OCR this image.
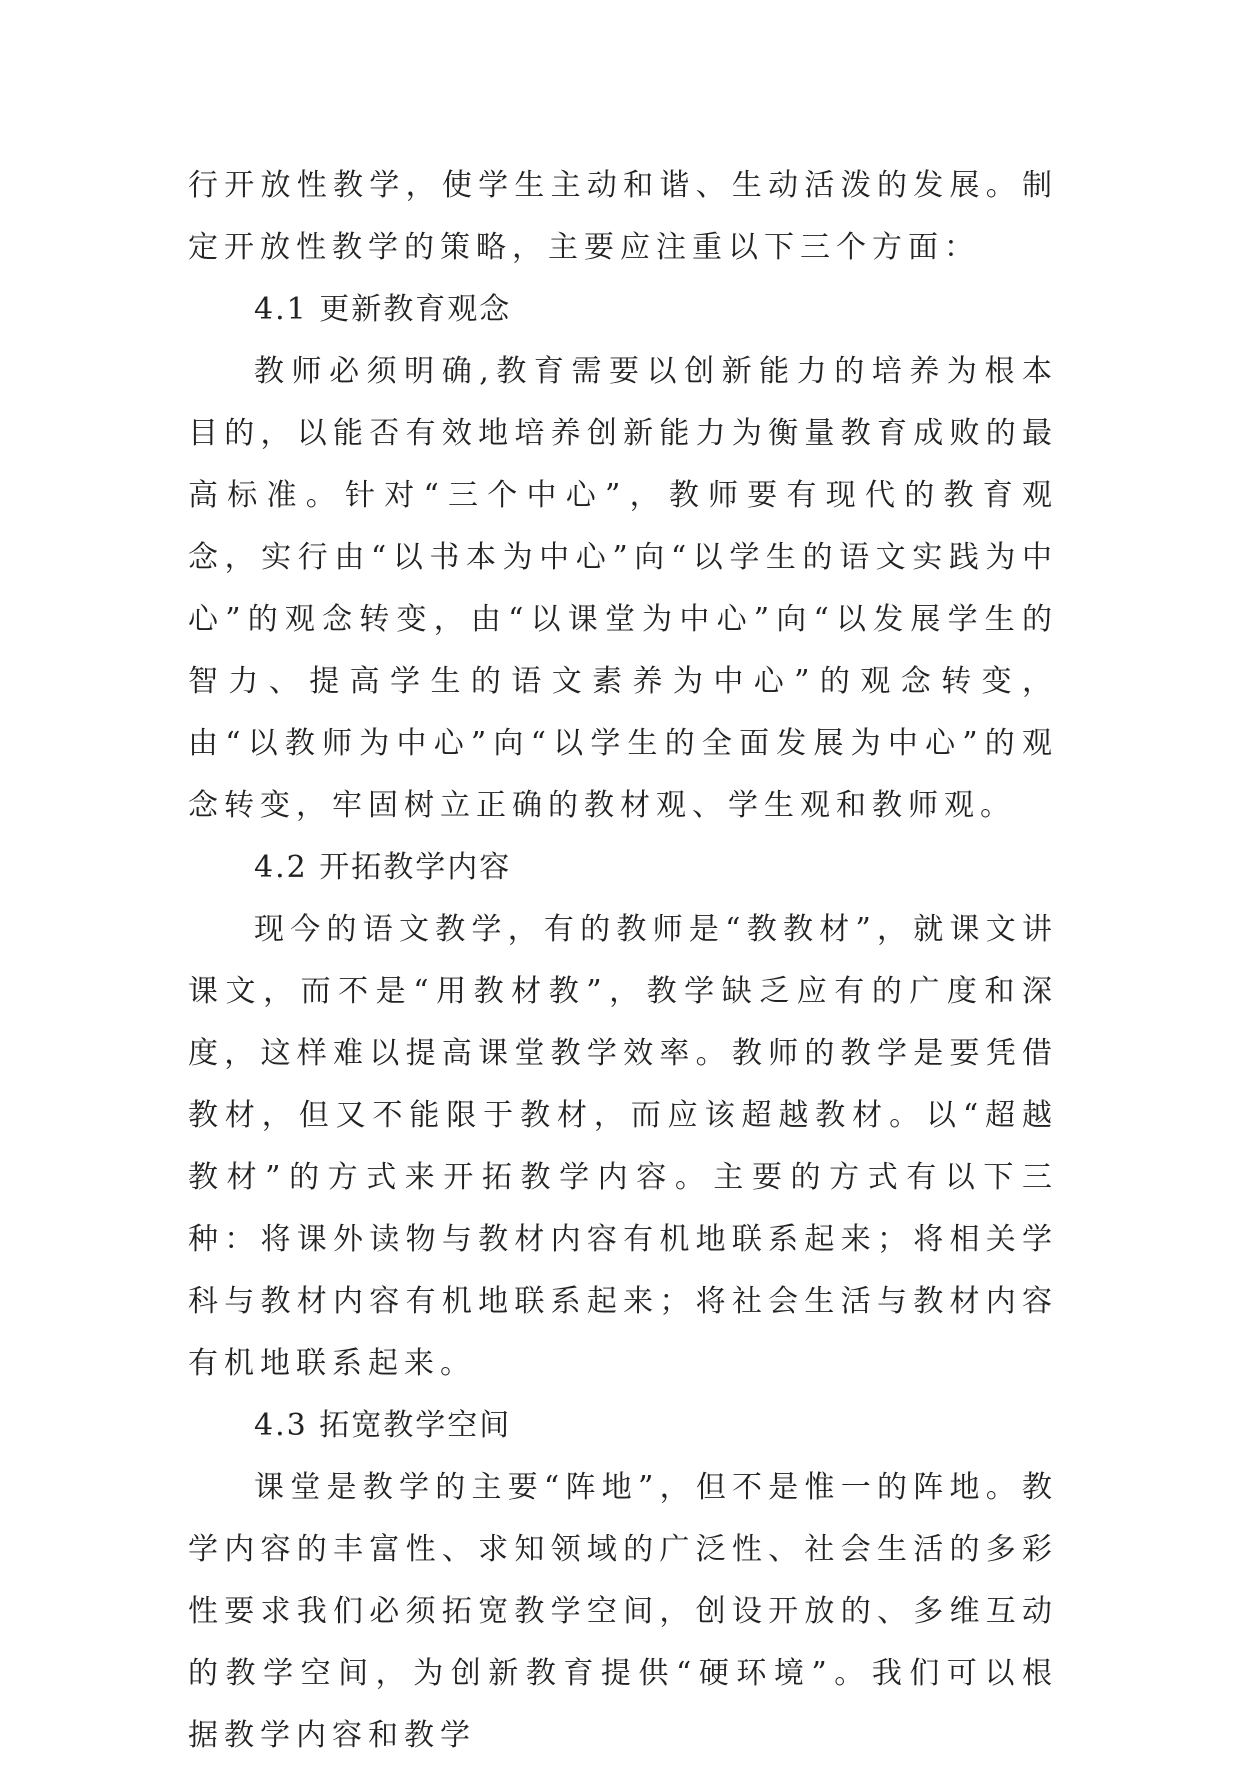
行开放性教学，使学生主动和谐、生动活泼的发展。制定开放性教学的策略，主要应注重以下三个方面：

4.1 更新教育观念

教师必须明确,教育需要以创新能力的培养为根本目的，以能否有效地培养创新能力为衡量教育成败的最高标准。针对“三个中心”，教师要有现代的教育观念，实行由“以书本为中心”向“以学生的语文实践为中心”的观念转变，由“以课堂为中心”向“以发展学生的智力、提高学生的语文素养为中心”的观念转变，由“以教师为中心”向“以学生的全面发展为中心”的观念转变，牢固树立正确的教材观、学生观和教师观。

4.2 开拓教学内容

现今的语文教学，有的教师是“教教材”，就课文讲课文，而不是“用教材教”，教学缺乏应有的广度和深度，这样难以提高课堂教学效率。教师的教学是要凭借教材，但又不能限于教材，而应该超越教材。以“超越教材”的方式来开拓教学内容。主要的方式有以下三种：将课外读物与教材内容有机地联系起来；将相关学科与教材内容有机地联系起来；将社会生活与教材内容有机地联系起来。

4.3 拓宽教学空间

课堂是教学的主要“阵地”，但不是惟一的阵地。教学内容的丰富性、求知领域的广泛性、社会生活的多彩性要求我们必须拓宽教学空间，创设开放的、多维互动的教学空间，为创新教育提供“硬环境”。我们可以根据教学内容和教学
